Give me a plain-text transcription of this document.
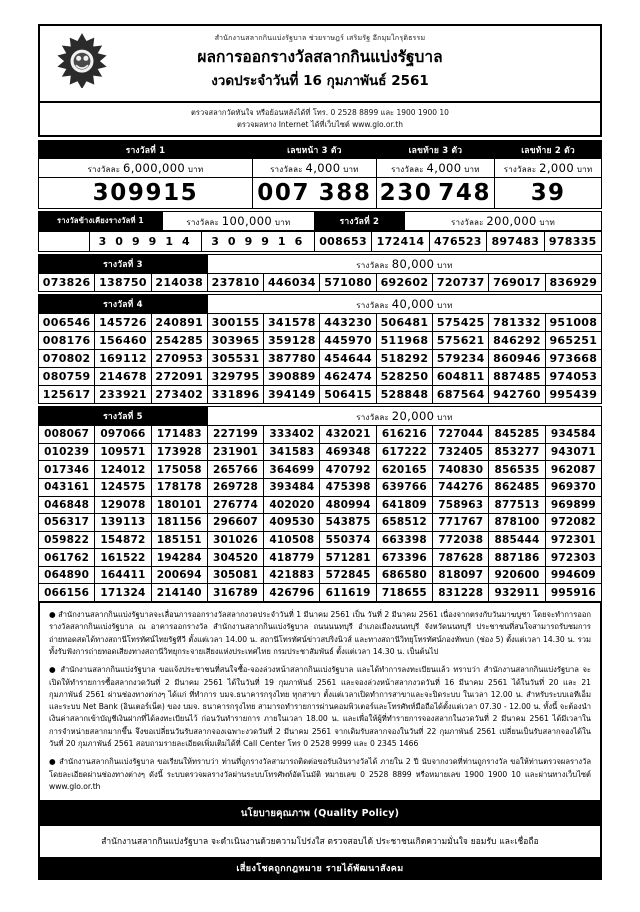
สำนักงานสลากกินแบ่งรัฐบาล ช่วยราษฎร์ เสริมรัฐ อีกมุมไกรุติธรรม
ผลการออกรางวัลสลากกินแบ่งรัฐบาล
งวดประจำวันที่ 16 กุมภาพันธ์ 2561
ตรวจสลากวัดทันใจ หรือย้อนหลังได้ที่ โทร. 0 2528 8899 และ 1900 1900 10
ตรวจผลทาง Internet ได้ที่เว็บไซต์ www.glo.or.th
รางวัลที่ 1	เลขหน้า 3 ตัว		เลขท้าย 3 ตัว		เลขท้าย 2 ตัว
รางวัลละ 6,000,000 บาท	รางวัลละ 4,000 บาท		รางวัลละ 4,000 บาท		รางวัลละ 2,000 บาท
309915	007	388	230	748	39
รางวัลข้างเคียงรางวัลที่ 1	รางวัลละ 100,000 บาท	รางวัลที่ 2	รางวัลละ 200,000 บาท
	3 0 9 9 1 4	3 0 9 9 1 6	008653	172414	476523	897483	978335
รางวัลที่ 3			รางวัลละ 80,000 บาท						
073826	138750	214038	237810	446034	571080	692602	720737	769017	836929
รางวัลที่ 4			รางวัลละ 40,000 บาท						
006546	145726	240891	300155	341578	443230	506481	575425	781332	951008
008176	156460	254285	303965	359128	445970	511968	575621	846292	965251
070802	169112	270953	305531	387780	454644	518292	579234	860946	973668
080759	214678	272091	329795	390889	462474	528250	604811	887485	974053
125617	233921	273402	331896	394149	506415	528848	687564	942760	995439
รางวัลที่ 5			รางวัลละ 20,000 บาท						
008067	097066	171483	227199	333402	432021	616216	727044	845285	934584
010239	109571	173928	231901	341583	469348	617222	732405	853277	943071
017346	124012	175058	265766	364699	470792	620165	740830	856535	962087
043161	124575	178178	269728	393484	475398	639766	744276	862485	969370
046848	129078	180101	276774	402020	480994	641809	758963	877513	969899
056317	139113	181156	296607	409530	543875	658512	771767	878100	972082
059822	154872	185151	301026	410508	550374	663398	772038	885444	972301
061762	161522	194284	304520	418779	571281	673396	787628	887186	972303
064890	164411	200694	305081	421883	572845	686580	818097	920600	994609
066156	171324	214140	316789	426796	611619	718655	831228	932911	995916

● สำนักงานสลากกินแบ่งรัฐบาลจะเลื่อนการออกรางวัลสลากงวดประจำวันที่ 1 มีนาคม 2561 เป็น วันที่ 2 มีนาคม 2561 เนื่องจากตรงกับวันมาฆบูชา โดยจะทำการออกรางวัลสลากกินแบ่งรัฐบาล ณ อาคารออกรางวัล สำนักงานสลากกินแบ่งรัฐบาล ถนนนนทบุรี อำเภอเมืองนนทบุรี จังหวัดนนทบุรี ประชาชนที่สนใจสามารถรับชมการถ่ายทอดสดได้ทางสถานีโทรทัศน์ไทยรัฐทีวี ตั้งแต่เวลา 14.00 น. สถานีโทรทัศน์ข่าวสปริงนิวส์ และทางสถานีวิทยุโทรทัศน์กองทัพบก (ช่อง 5) ตั้งแต่เวลา 14.30 น. รวมทั้งรับฟังการถ่ายทอดเสียงทางสถานีวิทยุกระจายเสียงแห่งประเทศไทย กรมประชาสัมพันธ์ ตั้งแต่เวลา 14.30 น. เป็นต้นไป

● สำนักงานสลากกินแบ่งรัฐบาล ขอแจ้งประชาชนที่สนใจซื้อ-จองล่วงหน้าสลากกินแบ่งรัฐบาล และได้ทำการลงทะเบียนแล้ว ทราบว่า สำนักงานสลากกินแบ่งรัฐบาล จะเปิดให้ทำรายการซื้อสลากงวดวันที่ 2 มีนาคม 2561 ได้ในวันที่ 19 กุมภาพันธ์ 2561 และจองล่วงหน้าสลากงวดวันที่ 16 มีนาคม 2561 ได้ในวันที่ 20 และ 21 กุมภาพันธ์ 2561 ผ่านช่องทางต่างๆ ได้แก่ ที่ทำการ บมจ.ธนาคารกรุงไทย ทุกสาขา ตั้งแต่เวลาเปิดทำการสาขาและจะปิดระบบ ในเวลา 12.00 น. สำหรับระบบเอทีเอ็มและระบบ Net Bank (อินเตอร์เน็ต) ของ บมจ. ธนาคารกรุงไทย สามารถทำรายการผ่านคอมพิวเตอร์และโทรศัพท์มือถือได้ตั้งแต่เวลา 07.30 - 12.00 น. ทั้งนี้ จะต้องนำเงินค่าสลากเข้าบัญชีเงินฝากที่ได้ลงทะเบียนไว้ ก่อนวันทำรายการ ภายในเวลา 18.00 น. และเพื่อให้ผู้ที่ทำรายการจองสลากในงวดวันที่ 2 มีนาคม 2561 ได้มีเวลาในการจำหน่ายสลากมากขึ้น จึงขอเปลี่ยนวันรับสลากจองเฉพาะงวดวันที่ 2 มีนาคม 2561 จากเดิมรับสลากจองในวันที่ 22 กุมภาพันธ์ 2561 เปลี่ยนเป็นรับสลากจองได้ในวันที่ 20 กุมภาพันธ์ 2561 สอบถามรายละเอียดเพิ่มเติมได้ที่ Call Center โทร 0 2528 9999 และ 0 2345 1466

● สำนักงานสลากกินแบ่งรัฐบาล ขอเรียนให้ทราบว่า ท่านที่ถูกรางวัลสามารถติดต่อขอรับเงินรางวัลได้ ภายใน 2 ปี นับจากงวดที่ท่านถูกรางวัล ขอให้ท่านตรวจผลรางวัลโดยละเอียดผ่านช่องทางต่างๆ ดังนี้ ระบบตรวจผลรางวัลผ่านระบบโทรศัพท์อัตโนมัติ หมายเลข 0 2528 8899 หรือหมายเลข 1900 1900 10 และผ่านทางเว็บไซต์ www.glo.or.th

นโยบายคุณภาพ (Quality Policy)
สำนักงานสลากกินแบ่งรัฐบาล จะดำเนินงานด้วยความโปร่งใส ตรวจสอบได้ ประชาชนเกิดความมั่นใจ ยอมรับ และเชื่อถือ
เสี่ยงโชคถูกกฎหมาย รายได้พัฒนาสังคม
